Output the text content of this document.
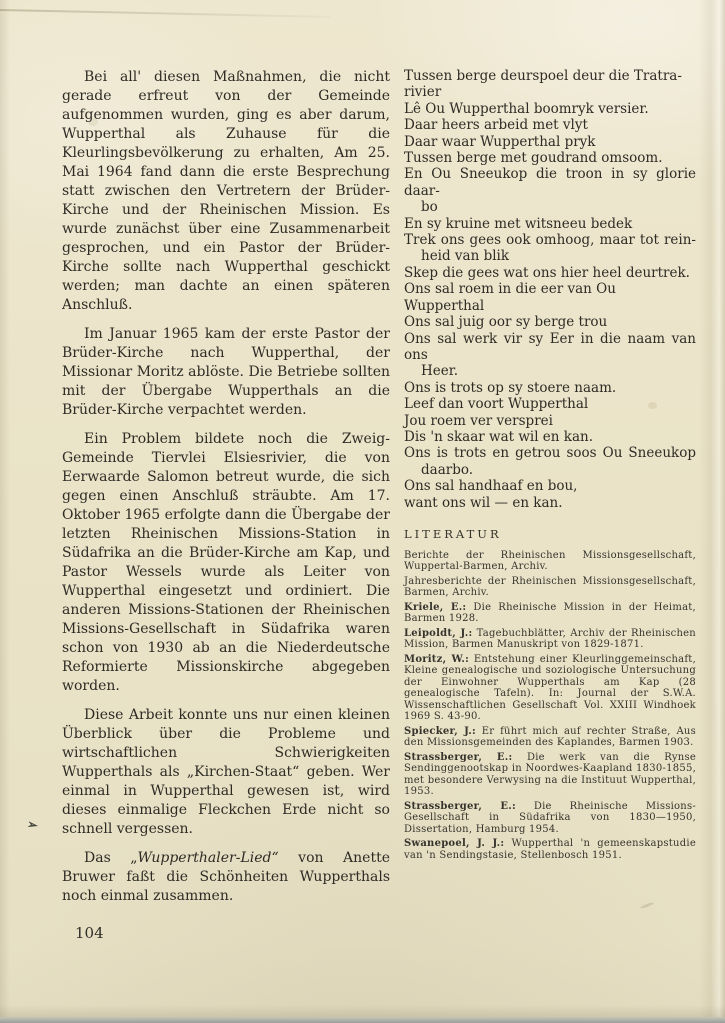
Bei all' diesen Maßnahmen, die nicht gerade erfreut von der Gemeinde aufgenommen wurden, ging es aber darum, Wupperthal als Zuhause für die Kleurlingsbevölkerung zu erhalten, Am 25. Mai 1964 fand dann die erste Besprechung statt zwischen den Vertretern der Brüder-Kirche und der Rheinischen Mission. Es wurde zunächst über eine Zusammenarbeit gesprochen, und ein Pastor der Brüder-Kirche sollte nach Wupperthal geschickt werden; man dachte an einen späteren Anschluß.

Im Januar 1965 kam der erste Pastor der Brüder-Kirche nach Wupperthal, der Missionar Moritz ablöste. Die Betriebe sollten mit der Übergabe Wupperthals an die Brüder-Kirche verpachtet werden.

Ein Problem bildete noch die Zweig-Gemeinde Tiervlei Elsiesrivier, die von Eerwaarde Salomon betreut wurde, die sich gegen einen Anschluß sträubte. Am 17. Oktober 1965 erfolgte dann die Übergabe der letzten Rheinischen Missions-Station in Südafrika an die Brüder-Kirche am Kap, und Pastor Wessels wurde als Leiter von Wupperthal eingesetzt und ordiniert. Die anderen Missions-Stationen der Rheinischen Missions-Gesellschaft in Südafrika waren schon von 1930 ab an die Niederdeutsche Reformierte Missionskirche abgegeben worden.

Diese Arbeit konnte uns nur einen kleinen Überblick über die Probleme und wirtschaftlichen Schwierigkeiten Wupperthals als „Kirchen-Staat“ geben. Wer einmal in Wupperthal gewesen ist, wird dieses einmalige Fleckchen Erde nicht so schnell vergessen.

Das „Wupperthaler-Lied“ von Anette Bruwer faßt die Schönheiten Wupperthals noch einmal zusammen.

Tussen berge deurspoel deur die Tratra-rivier
Lê Ou Wupperthal boomryk versier.
Daar heers arbeid met vlyt
Daar waar Wupperthal pryk
Tussen berge met goudrand omsoom.
En Ou Sneeukop die troon in sy glorie daar-
bo
En sy kruine met witsneeu bedek
Trek ons gees ook omhoog, maar tot rein-
heid van blik
Skep die gees wat ons hier heel deurtrek.
Ons sal roem in die eer van Ou Wupperthal
Ons sal juig oor sy berge trou
Ons sal werk vir sy Eer in die naam van ons
Heer.
Ons is trots op sy stoere naam.
Leef dan voort Wupperthal
Jou roem ver versprei
Dis 'n skaar wat wil en kan.
Ons is trots en getrou soos Ou Sneeukop
daarbo.
Ons sal handhaaf en bou,
want ons wil — en kan.
LITERATUR

Berichte der Rheinischen Missionsgesellschaft, Wuppertal-Barmen, Archiv.

Jahresberichte der Rheinischen Missionsgesellschaft, Barmen, Archiv.

Kriele, E.: Die Rheinische Mission in der Heimat, Barmen 1928.

Leipoldt, J.: Tagebuchblätter, Archiv der Rheinischen Mission, Barmen Manuskript von 1829-1871.

Moritz, W.: Entstehung einer Kleurlinggemeinschaft, Kleine genealogische und soziologische Untersuchung der Einwohner Wupperthals am Kap (28 genealogische Tafeln). In: Journal der S.W.A. Wissenschaftlichen Gesellschaft Vol. XXIII Windhoek 1969 S. 43-90.

Spiecker, J.: Er führt mich auf rechter Straße, Aus den Missionsgemeinden des Kaplandes, Barmen 1903.

Strassberger, E.: Die werk van die Rynse Sendinggenootskap in Noordwes-Kaapland 1830-1855, met besondere Verwysing na die Instituut Wupperthal, 1953.

Strassberger, E.: Die Rheinische Missions-Gesellschaft in Südafrika von 1830—1950, Dissertation, Hamburg 1954.

Swanepoel, J. J.: Wupperthal 'n gemeenskapstudie van 'n Sendingstasie, Stellenbosch 1951.

➢
104
